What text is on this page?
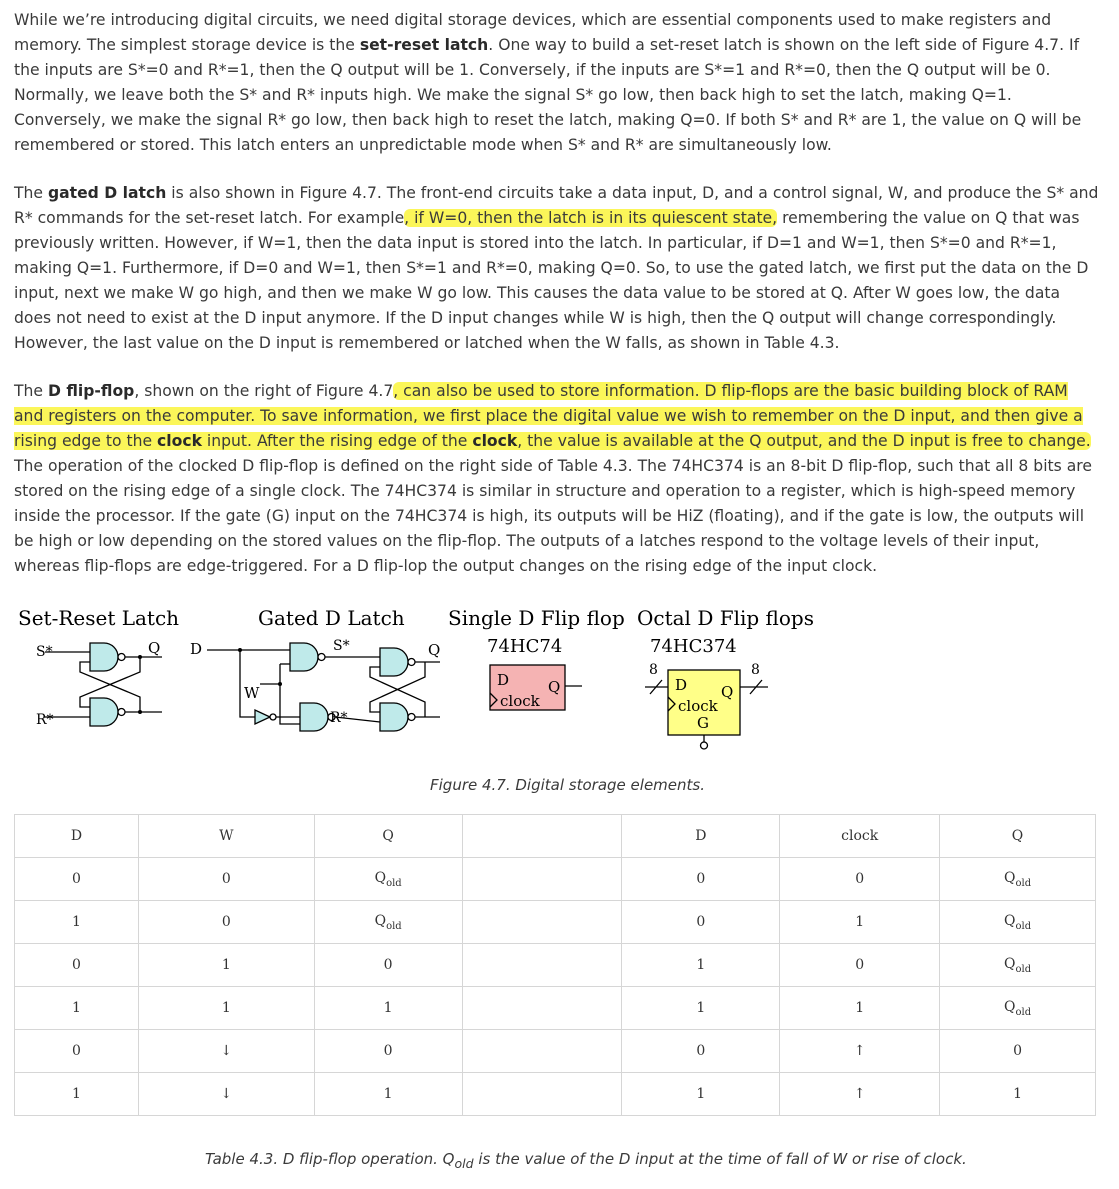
While we’re introducing digital circuits, we need digital storage devices, which are essential components used to make registers and memory. The simplest storage device is the set-reset latch. One way to build a set-reset latch is shown on the left side of Figure 4.7. If the inputs are S*=0 and R*=1, then the Q output will be 1. Conversely, if the inputs are S*=1 and R*=0, then the Q output will be 0. Normally, we leave both the S* and R* inputs high. We make the signal S* go low, then back high to set the latch, making Q=1. Conversely, we make the signal R* go low, then back high to reset the latch, making Q=0. If both S* and R* are 1, the value on Q will be remembered or stored. This latch enters an unpredictable mode when S* and R* are simultaneously low.

The gated D latch is also shown in Figure 4.7. The front-end circuits take a data input, D, and a control signal, W, and produce the S* and R* commands for the set-reset latch. For example, if W=0, then the latch is in its quiescent state, remembering the value on Q that was previously written. However, if W=1, then the data input is stored into the latch. In particular, if D=1 and W=1, then S*=0 and R*=1, making Q=1. Furthermore, if D=0 and W=1, then S*=1 and R*=0, making Q=0. So, to use the gated latch, we first put the data on the D input, next we make W go high, and then we make W go low. This causes the data value to be stored at Q. After W goes low, the data does not need to exist at the D input anymore. If the D input changes while W is high, then the Q output will change correspondingly. However, the last value on the D input is remembered or latched when the W falls, as shown in Table 4.3.

The D flip-flop, shown on the right of Figure 4.7, can also be used to store information. D flip-flops are the basic building block of RAM and registers on the computer. To save information, we first place the digital value we wish to remember on the D input, and then give a rising edge to the clock input. After the rising edge of the clock, the value is available at the Q output, and the D input is free to change. The operation of the clocked D flip-flop is defined on the right side of Table 4.3. The 74HC374 is an 8-bit D flip-flop, such that all 8 bits are stored on the rising edge of a single clock. The 74HC374 is similar in structure and operation to a register, which is high-speed memory inside the processor. If the gate (G) input on the 74HC374 is high, its outputs will be HiZ (floating), and if the gate is low, the outputs will be high or low depending on the stored values on the flip-flop. The outputs of a latches respond to the voltage levels of their input, whereas flip-flops are edge-triggered. For a D flip-lop the output changes on the rising edge of the input clock.

Set-Reset Latch	Gated D Latch Single D Flip flop Octal D Flip flops
74HC74	74HC374
S*
R*
Q D
W
S*
R*
Q
D	Q
clock
8	8
D Q
clock
G
Figure 4.7. Digital storage elements.
D	W	Q		D	clock	Q
0	0	$Q_{old}$		0	0	$Q_{old}$
1	0	$Q_{old}$		0	1	$Q_{old}$
0	1	0		1	0	$Q_{old}$
1	1	1		1	1	$Q_{old}$
0	↓	0		0	↑	0
1	↓	1		1	↑	1
Table 4.3. D flip-flop operation. $Q_{old}$ is the value of the D input at the time of fall of W or rise of clock.
